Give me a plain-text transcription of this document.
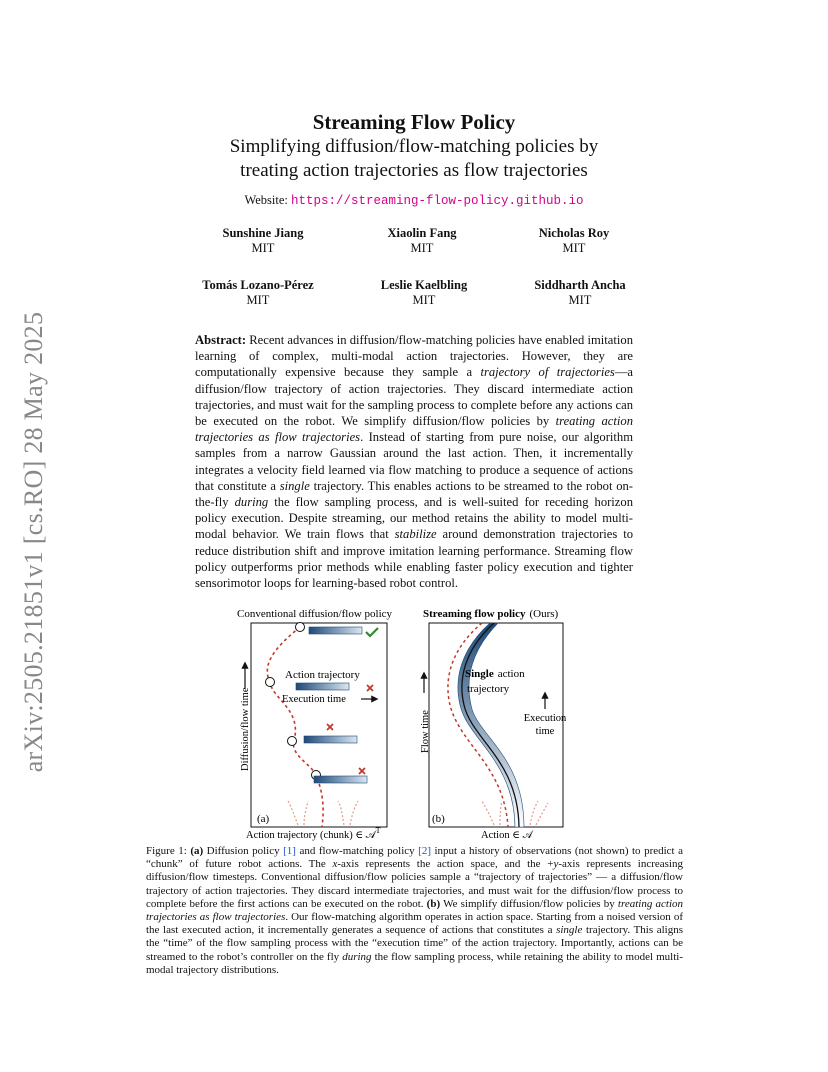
arXiv:2505.21851v1 [cs.RO] 28 May 2025
Streaming Flow Policy
Simplifying diffusion/flow-matching policies by
treating action trajectories as flow trajectories
Website: https://streaming-flow-policy.github.io
Sunshine Jiang
MIT
Xiaolin Fang
MIT
Nicholas Roy
MIT
Tomás Lozano-Pérez
MIT
Leslie Kaelbling
MIT
Siddharth Ancha
MIT
Abstract: Recent advances in diffusion/flow-matching policies have enabled imitation learning of complex, multi-modal action trajectories. However, they are computationally expensive because they sample a trajectory of trajectories—a diffusion/flow trajectory of action trajectories. They discard intermediate action trajectories, and must wait for the sampling process to complete before any actions can be executed on the robot. We simplify diffusion/flow policies by treating action trajectories as flow trajectories. Instead of starting from pure noise, our algorithm samples from a narrow Gaussian around the last action. Then, it incrementally integrates a velocity field learned via flow matching to produce a sequence of actions that constitute a single trajectory. This enables actions to be streamed to the robot on-the-fly during the flow sampling process, and is well-suited for receding horizon policy execution. Despite streaming, our method retains the ability to model multi-modal behavior. We train flows that stabilize around demonstration trajectories to reduce distribution shift and improve imitation learning performance. Streaming flow policy outperforms prior methods while enabling faster policy execution and tighter sensorimotor loops for learning-based robot control.
Conventional diffusion/flow policy
Diffusion/flow time
Action trajectory
Execution time
(a)
Action trajectory (chunk) ∈ 𝒜$^T$
Streaming flow policy (Ours)
Flow time
Single action
trajectory
Execution
time
(b)
Action ∈ 𝒜
Figure 1: (a) Diffusion policy [1] and flow-matching policy [2] input a history of observations (not shown) to predict a “chunk” of future robot actions. The x-axis represents the action space, and the +y-axis represents increasing diffusion/flow timesteps. Conventional diffusion/flow policies sample a “trajectory of trajectories” — a diffusion/flow trajectory of action trajectories. They discard intermediate trajectories, and must wait for the diffusion/flow process to complete before the first actions can be executed on the robot. (b) We simplify diffusion/flow policies by treating action trajectories as flow trajectories. Our flow-matching algorithm operates in action space. Starting from a noised version of the last executed action, it incrementally generates a sequence of actions that constitutes a single trajectory. This aligns the “time” of the flow sampling process with the “execution time” of the action trajectory. Importantly, actions can be streamed to the robot’s controller on the fly during the flow sampling process, while retaining the ability to model multi-modal trajectory distributions.
